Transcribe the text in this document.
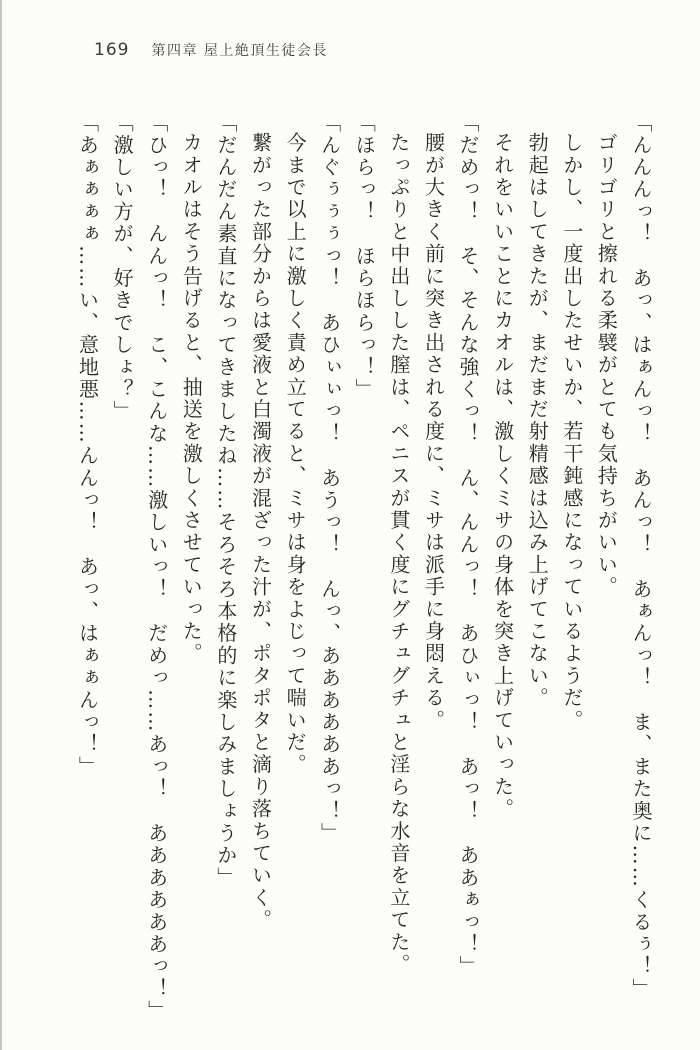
169 第四章 屋上絶頂生徒会長

「んんんっ！　あっ、はぁんっ！　あんっ！　あぁんっ！　ま、また奥に……くるぅ！」

ゴリゴリと擦れる柔襞がとても気持ちがいい。

しかし、一度出したせいか、若干鈍感になっているようだ。

勃起はしてきたが、まだまだ射精感は込み上げてこない。

それをいいことにカオルは、激しくミサの身体を突き上げていった。

「だめっ！　そ、そんな強くっ！　ん、んんっ！　あひぃっ！　あっ！　ああぁっ！」

腰が大きく前に突き出される度に、ミサは派手に身悶える。

たっぷりと中出しした膣は、ペニスが貫く度にグチュグチュと淫らな水音を立てた。

「ほらっ！　ほらほらっ！」

「んぐぅぅぅっ！　あひぃぃっ！　あうっ！　んっ、ああああああっ！」

今まで以上に激しく責め立てると、ミサは身をよじって喘いだ。

繋がった部分からは愛液と白濁液が混ざった汁が、ポタポタと滴り落ちていく。

「だんだん素直になってきましたね……そろそろ本格的に楽しみましょうか」

カオルはそう告げると、抽送を激しくさせていった。

「ひっ！　んんっ！　こ、こんな……激しいっ！　だめっ……あっ！　ああああああっ！」

「激しい方が、好きでしょ？」

「あぁぁぁぁ……い、意地悪……んんっ！　あっ、はぁぁんっ！」
